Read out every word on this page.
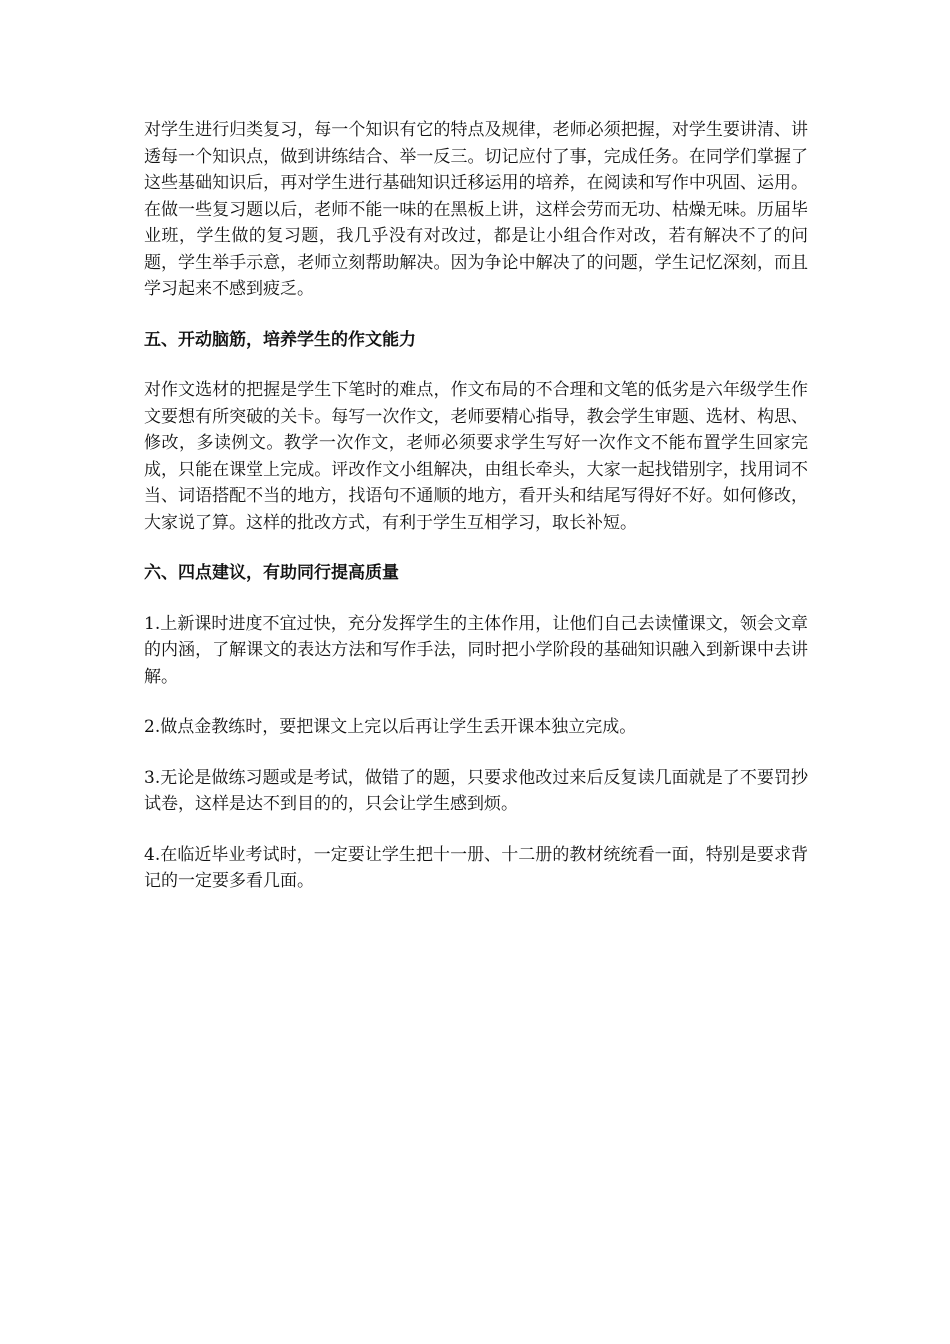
对学生进行归类复习，每一个知识有它的特点及规律，老师必须把握，对学生要讲清、讲透每一个知识点，做到讲练结合、举一反三。切记应付了事，完成任务。在同学们掌握了这些基础知识后，再对学生进行基础知识迁移运用的培养，在阅读和写作中巩固、运用。在做一些复习题以后，老师不能一味的在黑板上讲，这样会劳而无功、枯燥无味。历届毕业班，学生做的复习题，我几乎没有对改过，都是让小组合作对改，若有解决不了的问题，学生举手示意，老师立刻帮助解决。因为争论中解决了的问题，学生记忆深刻，而且学习起来不感到疲乏。

五、开动脑筋，培养学生的作文能力

对作文选材的把握是学生下笔时的难点，作文布局的不合理和文笔的低劣是六年级学生作文要想有所突破的关卡。每写一次作文，老师要精心指导，教会学生审题、选材、构思、修改，多读例文。教学一次作文，老师必须要求学生写好一次作文不能布置学生回家完成，只能在课堂上完成。评改作文小组解决，由组长牵头，大家一起找错别字，找用词不当、词语搭配不当的地方，找语句不通顺的地方，看开头和结尾写得好不好。如何修改，大家说了算。这样的批改方式，有利于学生互相学习，取长补短。

六、四点建议，有助同行提高质量

1.上新课时进度不宜过快，充分发挥学生的主体作用，让他们自己去读懂课文，领会文章的内涵，了解课文的表达方法和写作手法，同时把小学阶段的基础知识融入到新课中去讲解。

2.做点金教练时，要把课文上完以后再让学生丢开课本独立完成。

3.无论是做练习题或是考试，做错了的题，只要求他改过来后反复读几面就是了不要罚抄试卷，这样是达不到目的的，只会让学生感到烦。

4.在临近毕业考试时，一定要让学生把十一册、十二册的教材统统看一面，特别是要求背记的一定要多看几面。
